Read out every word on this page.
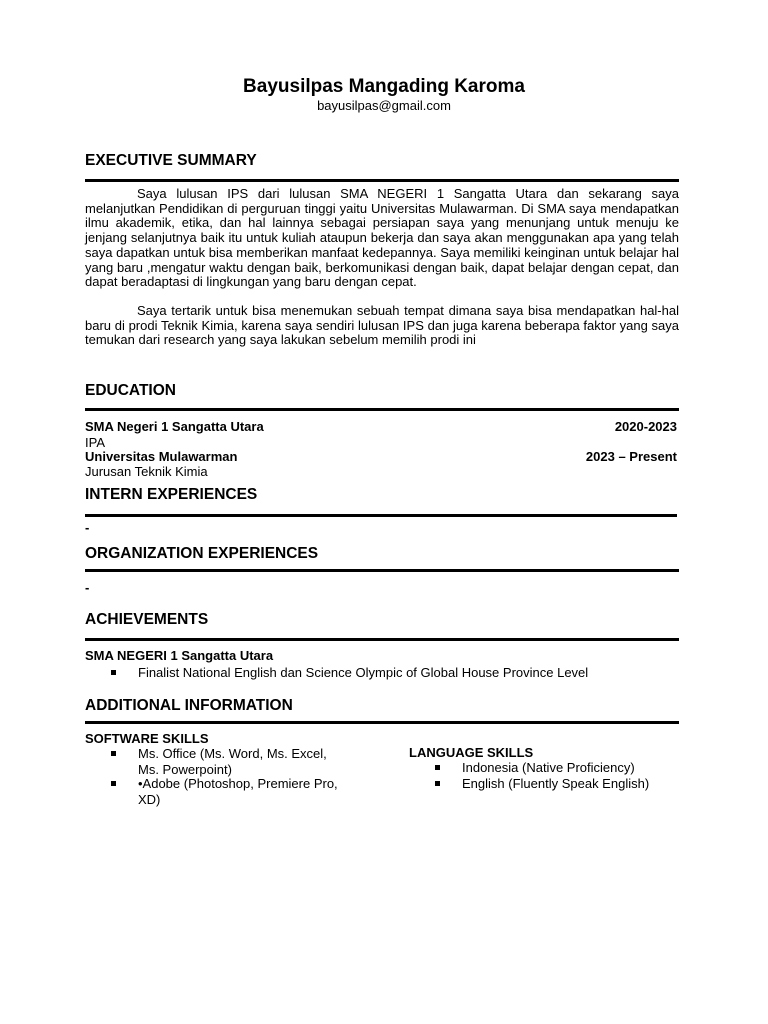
Bayusilpas Mangading Karoma
bayusilpas@gmail.com
EXECUTIVE SUMMARY
Saya lulusan IPS dari lulusan SMA NEGERI 1 Sangatta Utara dan sekarang saya melanjutkan Pendidikan di perguruan tinggi yaitu Universitas Mulawarman. Di SMA saya mendapatkan ilmu akademik, etika, dan hal lainnya sebagai persiapan saya yang menunjang untuk menuju ke jenjang selanjutnya baik itu untuk kuliah ataupun bekerja dan saya akan menggunakan apa yang telah saya dapatkan untuk bisa memberikan manfaat kedepannya. Saya memiliki keinginan untuk belajar hal yang baru ,mengatur waktu dengan baik, berkomunikasi dengan baik, dapat belajar dengan cepat, dan dapat beradaptasi di lingkungan yang baru dengan cepat.
Saya tertarik untuk bisa menemukan sebuah tempat dimana saya bisa mendapatkan hal-hal baru di prodi Teknik Kimia, karena saya sendiri lulusan IPS dan juga karena beberapa faktor yang saya temukan dari research yang saya lakukan sebelum memilih prodi ini
EDUCATION
SMA Negeri 1 Sangatta Utara	2020-2023
IPA
Universitas Mulawarman	2023 – Present
Jurusan Teknik Kimia
INTERN EXPERIENCES
-
ORGANIZATION EXPERIENCES
-
ACHIEVEMENTS
SMA NEGERI 1 Sangatta Utara
Finalist National English dan Science Olympic of Global House Province Level
ADDITIONAL INFORMATION
SOFTWARE SKILLS
Ms. Office (Ms. Word, Ms. Excel,
Ms. Powerpoint)
•Adobe (Photoshop, Premiere Pro,
XD)
LANGUAGE SKILLS
Indonesia (Native Proficiency)
English (Fluently Speak English)
